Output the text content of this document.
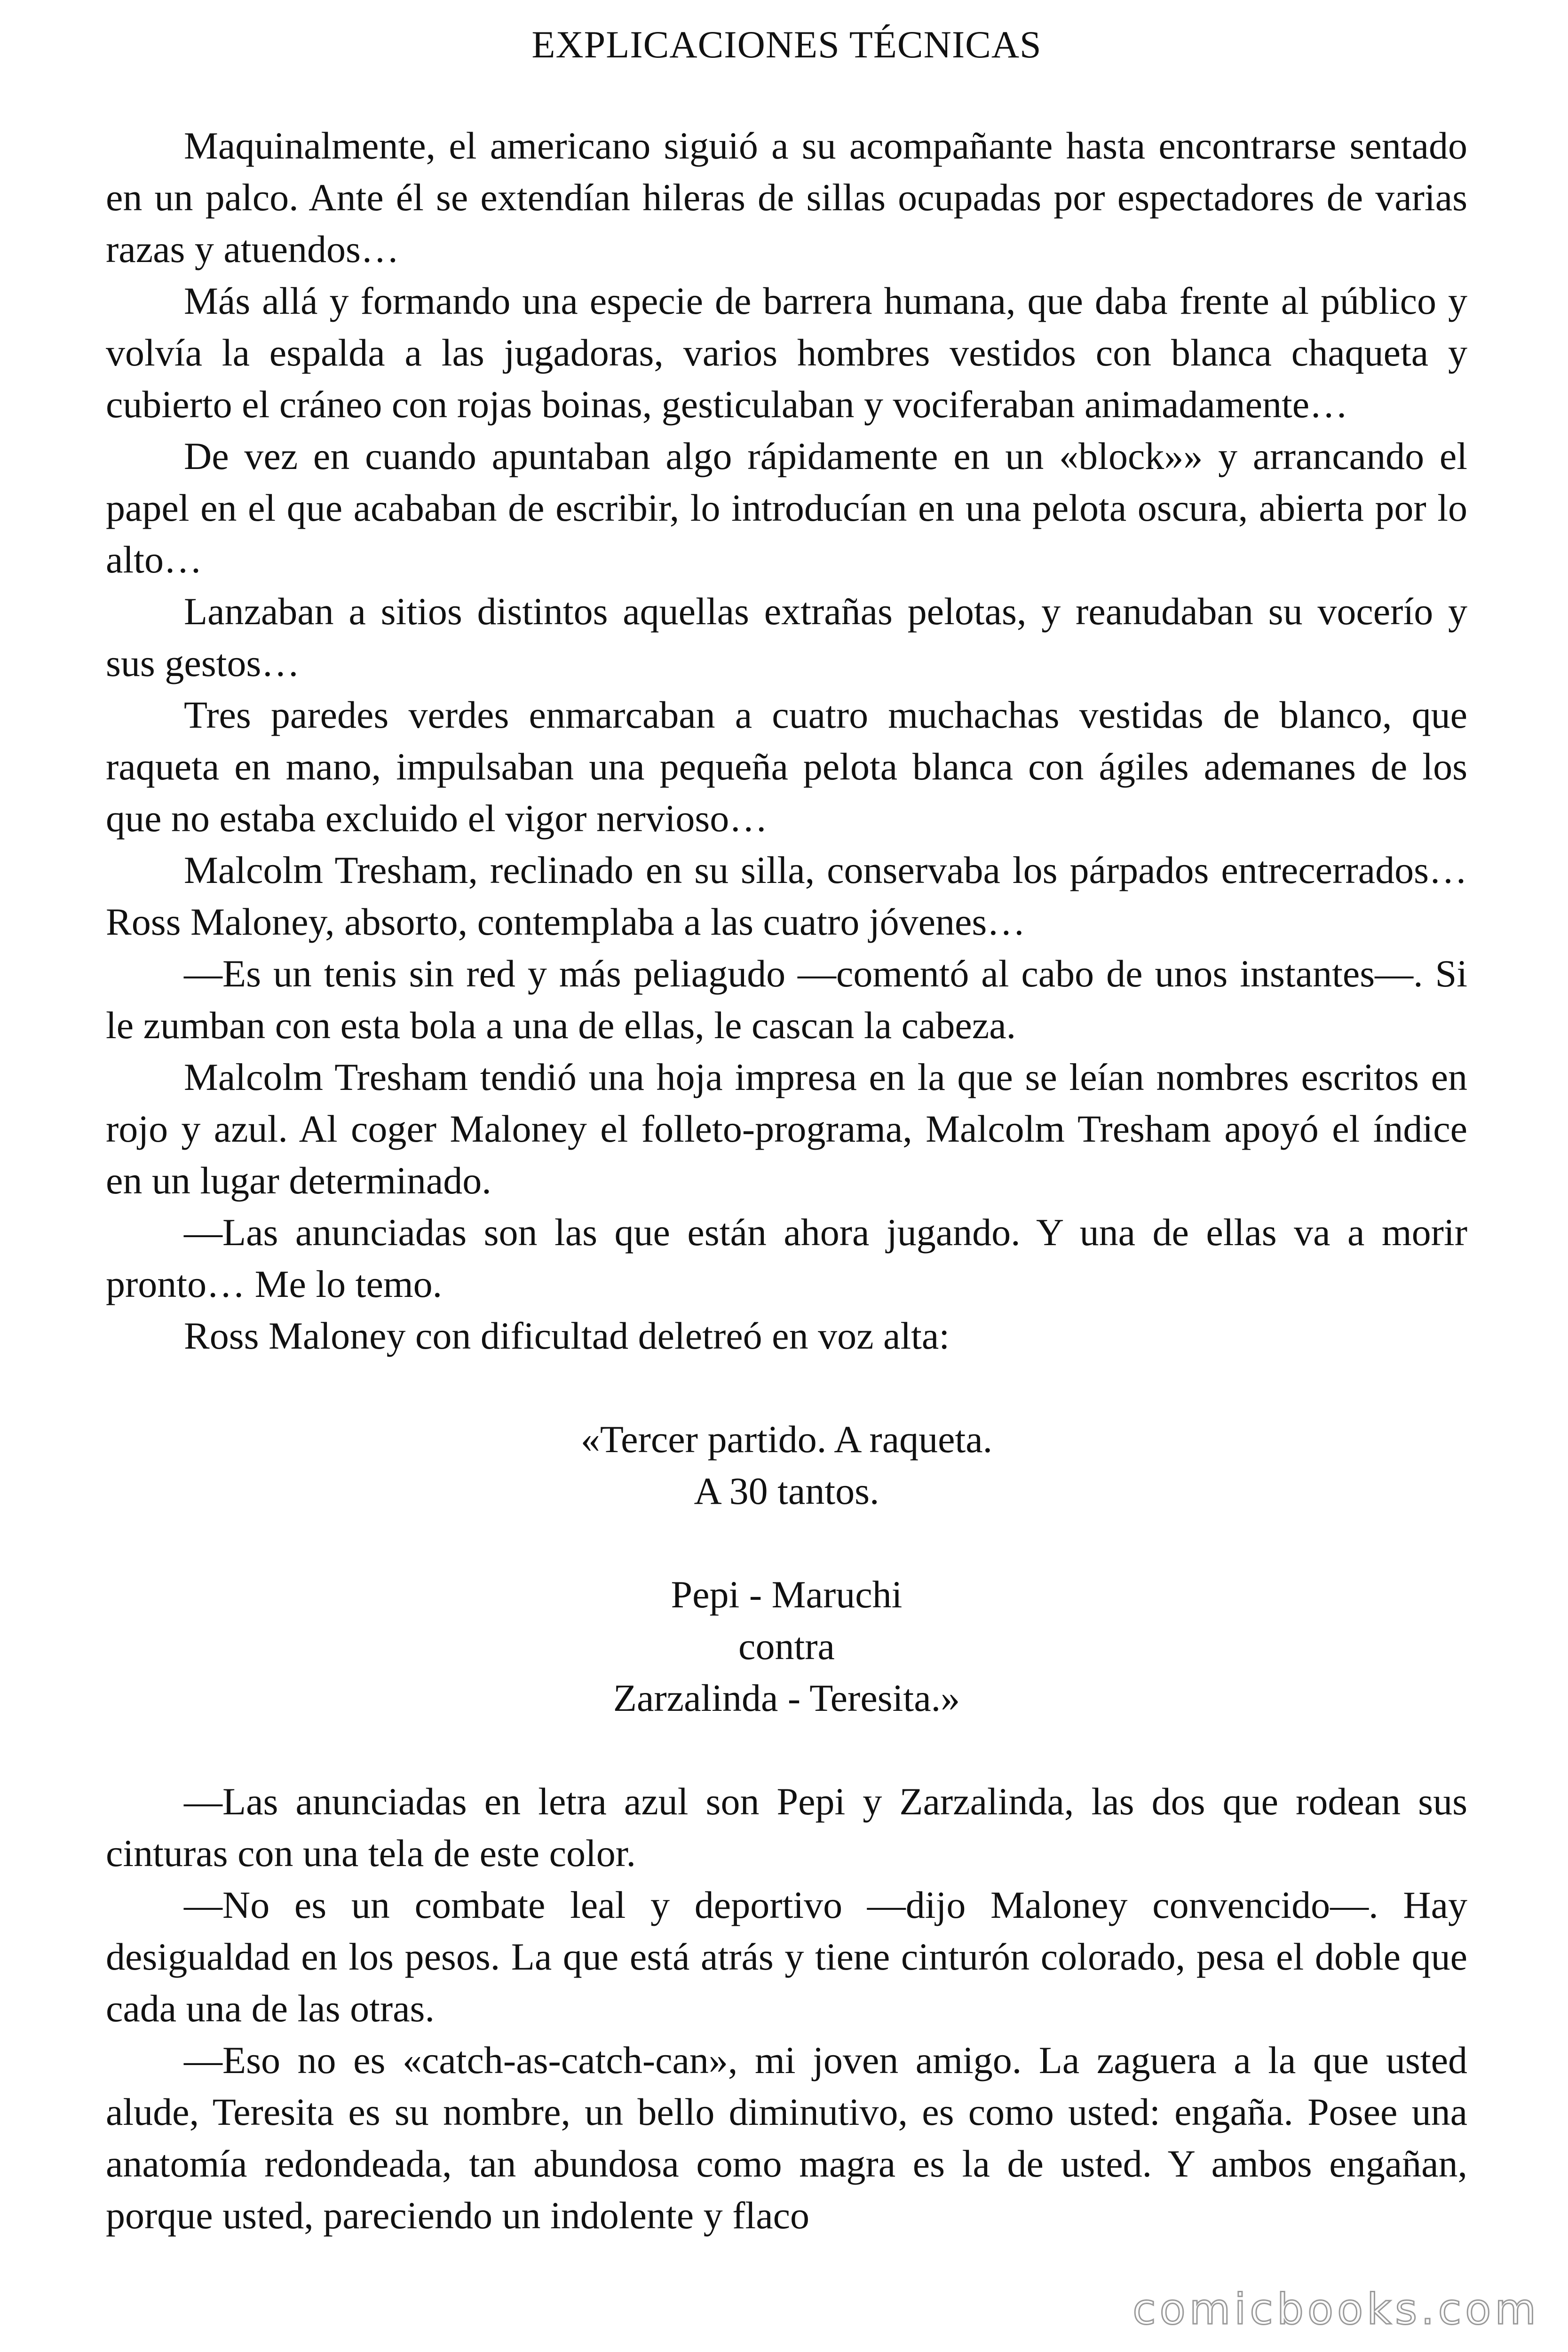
EXPLICACIONES TÉCNICAS

Maquinalmente, el americano siguió a su acompañante hasta encontrarse sentado en un palco. Ante él se extendían hileras de sillas ocupadas por espectadores de varias razas y atuendos…

Más allá y formando una especie de barrera humana, que daba frente al público y volvía la espalda a las jugadoras, varios hombres vestidos con blanca chaqueta y cubierto el cráneo con rojas boinas, gesticulaban y vociferaban animadamente…

De vez en cuando apuntaban algo rápidamente en un «block»» y arrancando el papel en el que acababan de escribir, lo introducían en una pelota oscura, abierta por lo alto…

Lanzaban a sitios distintos aquellas extrañas pelotas, y reanudaban su vocerío y sus gestos…

Tres paredes verdes enmarcaban a cuatro muchachas vestidas de blanco, que raqueta en mano, impulsaban una pequeña pelota blanca con ágiles ademanes de los que no estaba excluido el vigor nervioso…

Malcolm Tresham, reclinado en su silla, conservaba los párpados entrecerrados… Ross Maloney, absorto, contemplaba a las cuatro jóvenes…

—Es un tenis sin red y más peliagudo —comentó al cabo de unos instantes—. Si le zumban con esta bola a una de ellas, le cascan la cabeza.

Malcolm Tresham tendió una hoja impresa en la que se leían nombres escritos en rojo y azul. Al coger Maloney el folleto-programa, Malcolm Tresham apoyó el índice en un lugar determinado.

—Las anunciadas son las que están ahora jugando. Y una de ellas va a morir pronto… Me lo temo.

Ross Maloney con dificultad deletreó en voz alta:

«Tercer partido. A raqueta.
A 30 tantos.
Pepi - Maruchi
contra
Zarzalinda - Teresita.»

—Las anunciadas en letra azul son Pepi y Zarzalinda, las dos que rodean sus cinturas con una tela de este color.

—No es un combate leal y deportivo —dijo Maloney convencido—. Hay desigualdad en los pesos. La que está atrás y tiene cinturón colorado, pesa el doble que cada una de las otras.

—Eso no es «catch-as-catch-can», mi joven amigo. La zaguera a la que usted alude, Teresita es su nombre, un bello diminutivo, es como usted: engaña. Posee una anatomía redondeada, tan abundosa como magra es la de usted. Y ambos engañan, porque usted, pareciendo un indolente y flaco

comicbooks.com
